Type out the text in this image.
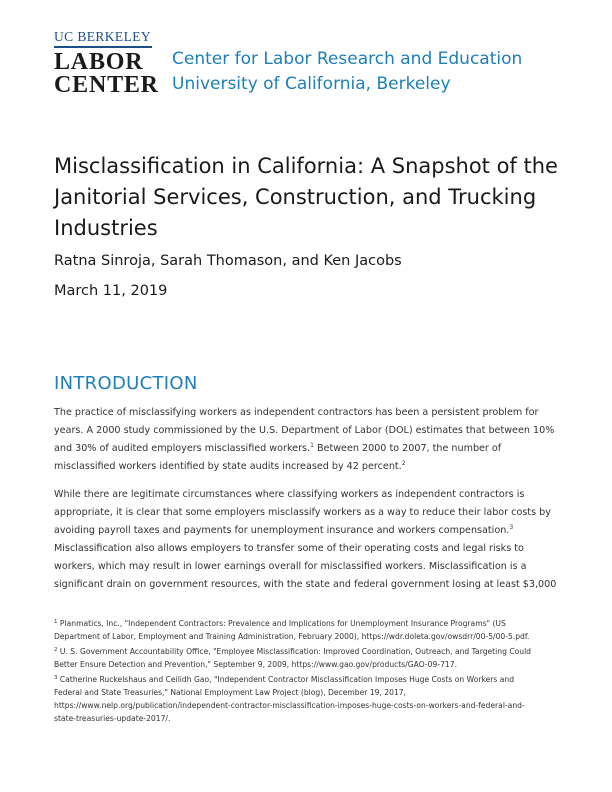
UC BERKELEY
LABOR
CENTER
Center for Labor Research and Education
University of California, Berkeley
Misclassification in California: A Snapshot of the Janitorial Services, Construction, and Trucking Industries
Ratna Sinroja, Sarah Thomason, and Ken Jacobs
March 11, 2019
INTRODUCTION

The practice of misclassifying workers as independent contractors has been a persistent problem for
years. A 2000 study commissioned by the U.S. Department of Labor (DOL) estimates that between 10%
and 30% of audited employers misclassified workers.$^1$ Between 2000 to 2007, the number of
misclassified workers identified by state audits increased by 42 percent.$^2$

While there are legitimate circumstances where classifying workers as independent contractors is
appropriate, it is clear that some employers misclassify workers as a way to reduce their labor costs by
avoiding payroll taxes and payments for unemployment insurance and workers compensation.$^3$
Misclassification also allows employers to transfer some of their operating costs and legal risks to
workers, which may result in lower earnings overall for misclassified workers. Misclassification is a
significant drain on government resources, with the state and federal government losing at least $3,000

$^1$ Planmatics, Inc., "Independent Contractors: Prevalence and Implications for Unemployment Insurance Programs" (US
Department of Labor, Employment and Training Administration, February 2000), https://wdr.doleta.gov/owsdrr/00-5/00-5.pdf.
$^2$ U. S. Government Accountability Office, "Employee Misclassification: Improved Coordination, Outreach, and Targeting Could
Better Ensure Detection and Prevention," September 9, 2009, https://www.gao.gov/products/GAO-09-717.
$^3$ Catherine Ruckelshaus and Ceilidh Gao, "Independent Contractor Misclassification Imposes Huge Costs on Workers and
Federal and State Treasuries," National Employment Law Project (blog), December 19, 2017,
https://www.nelp.org/publication/independent-contractor-misclassification-imposes-huge-costs-on-workers-and-federal-and-
state-treasuries-update-2017/.
